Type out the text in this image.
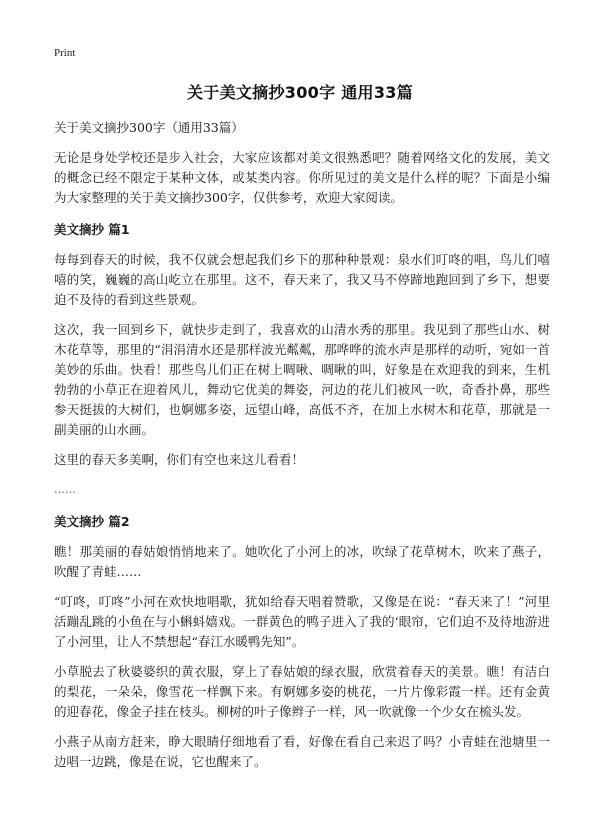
Print
关于美文摘抄300字 通用33篇

关于美文摘抄300字（通用33篇）

无论是身处学校还是步入社会，大家应该都对美文很熟悉吧？随着网络文化的发展，美文的概念已经不限定于某种文体，或某类内容。你所见过的美文是什么样的呢？下面是小编为大家整理的关于美文摘抄300字，仅供参考，欢迎大家阅读。

美文摘抄 篇1

每每到春天的时候，我不仅就会想起我们乡下的那种种景观：泉水们叮咚的唱，鸟儿们嘻嘻的笑，巍巍的高山屹立在那里。这不，春天来了，我又马不停蹄地跑回到了乡下，想要迫不及待的看到这些景观。

这次，我一回到乡下，就快步走到了，我喜欢的山清水秀的那里。我见到了那些山水、树木花草等，那里的“涓涓清水还是那样波光粼粼，那哗哗的流水声是那样的动听，宛如一首美妙的乐曲。快看！那些鸟儿们正在树上啁啾、啁啾的叫，好象是在欢迎我的到来，生机勃勃的小草正在迎着风儿，舞动它优美的舞姿，河边的花儿们被风一吹，奇香扑鼻，那些参天挺拔的大树们，也婀娜多姿，远望山峰，高低不齐，在加上水树木和花草，那就是一副美丽的山水画。

这里的春天多美啊，你们有空也来这儿看看！

……
美文摘抄 篇2

瞧！那美丽的春姑娘悄悄地来了。她吹化了小河上的冰，吹绿了花草树木，吹来了燕子，吹醒了青蛙……

“叮咚，叮咚”小河在欢快地唱歌，犹如给春天唱着赞歌，又像是在说：“春天来了！”河里活蹦乱跳的小鱼在与小蝌蚪嬉戏。一群黄色的鸭子进入了我的‘眼帘，它们迫不及待地游进了小河里，让人不禁想起“春江水暖鸭先知”。

小草脱去了秋婆婆织的黄衣服，穿上了春姑娘的绿衣服，欣赏着春天的美景。瞧！有洁白的梨花，一朵朵，像雪花一样飘下来。有婀娜多姿的桃花，一片片像彩霞一样。还有金黄的迎春花，像金子挂在枝头。柳树的叶子像辫子一样，风一吹就像一个少女在梳头发。

小燕子从南方赶来，睁大眼睛仔细地看了看，好像在看自己来迟了吗？小青蛙在池塘里一边唱一边跳，像是在说，它也醒来了。
